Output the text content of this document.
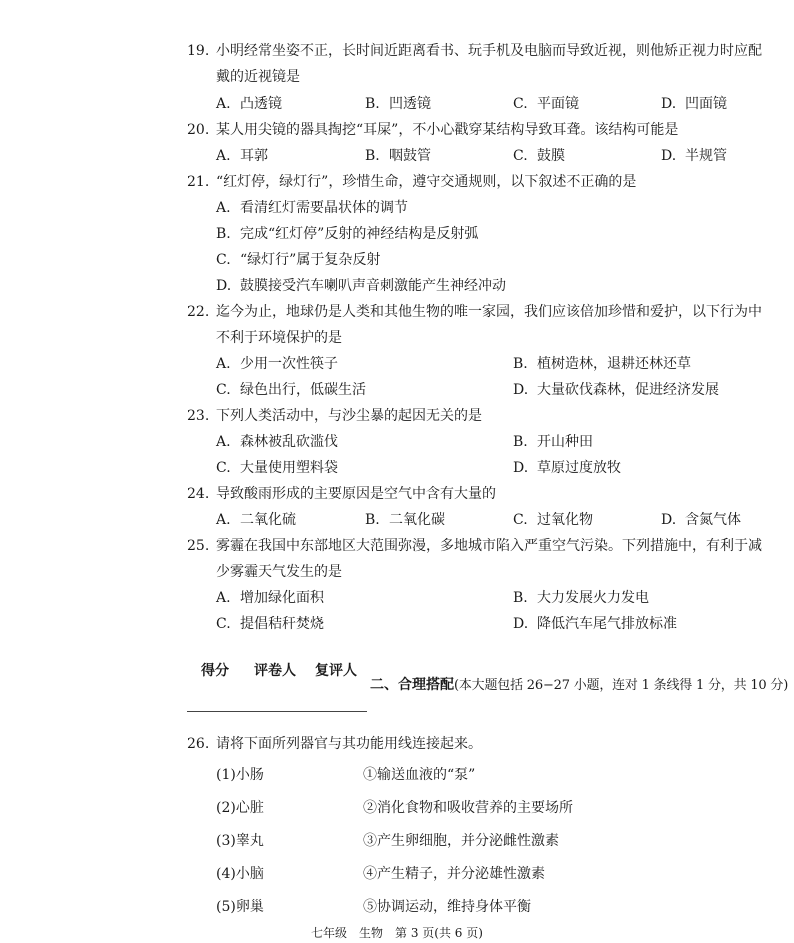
19. 小明经常坐姿不正，长时间近距离看书、玩手机及电脑而导致近视，则他矫正视力时应配
戴的近视镜是
A. 凸透镜	B. 凹透镜	C. 平面镜	D. 凹面镜
20. 某人用尖镜的器具掏挖“耳屎”，不小心戳穿某结构导致耳聋。该结构可能是
A. 耳郭	B. 咽鼓管	C. 鼓膜	D. 半规管
21. “红灯停，绿灯行”，珍惜生命，遵守交通规则，以下叙述不正确的是
A. 看清红灯需要晶状体的调节
B. 完成“红灯停”反射的神经结构是反射弧
C. “绿灯行”属于复杂反射
D. 鼓膜接受汽车喇叭声音刺激能产生神经冲动
22. 迄今为止，地球仍是人类和其他生物的唯一家园，我们应该倍加珍惜和爱护，以下行为中
不利于环境保护的是
A. 少用一次性筷子	B. 植树造林，退耕还林还草
C. 绿色出行，低碳生活	D. 大量砍伐森林，促进经济发展
23. 下列人类活动中，与沙尘暴的起因无关的是
A. 森林被乱砍滥伐	B. 开山种田
C. 大量使用塑料袋	D. 草原过度放牧
24. 导致酸雨形成的主要原因是空气中含有大量的
A. 二氧化硫	B. 二氧化碳	C. 过氧化物	D. 含氮气体
25. 雾霾在我国中东部地区大范围弥漫，多地城市陷入严重空气污染。下列措施中，有利于减
少雾霾天气发生的是
A. 增加绿化面积	B. 大力发展火力发电
C. 提倡秸秆焚烧	D. 降低汽车尾气排放标准
得分 评卷人 复评人
二、合理搭配(本大题包括 26−27 小题，连对 1 条线得 1 分，共 10 分)
26. 请将下面所列器官与其功能用线连接起来。
(1)小肠	①输送血液的“泵”
(2)心脏	②消化食物和吸收营养的主要场所
(3)睾丸	③产生卵细胞，并分泌雌性激素
(4)小脑	④产生精子，并分泌雄性激素
(5)卵巢	⑤协调运动，维持身体平衡
七年级　生物　第 3 页(共 6 页)
